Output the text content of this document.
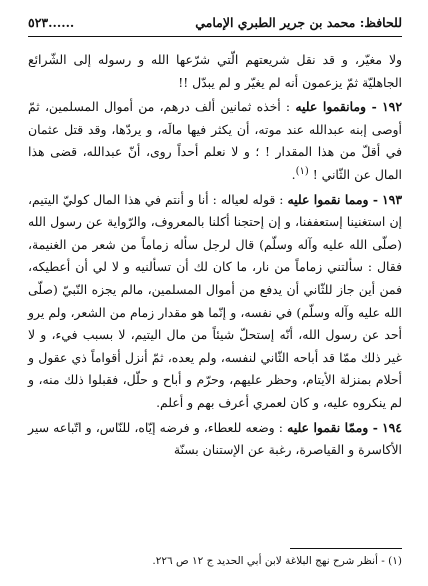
للحافظ: محمد بن جرير الطبري الإمامي
٥٢٣......

ولا مغيّر، و قد نقل شريعتهم الّتي شرّعها الله و رسوله إلى الشّرائع الجاهليّة ثمّ يزعمون أنه لم يغيّر و لم يبدّل !!

١٩٢ - ومانقموا عليه : أخذه ثمانين ألف درهم، من أموال المسلمين، ثمّ أوصى إبنه عبدالله عند موته، أن يكثر فيها مالَه، و يردّها، وقد قتل عثمان في أقلّ من هذا المقدار ! ؛ و لا نعلم أحداً روى، أنّ عبدالله، قضى هذا المال عن الثّاني ! $^{(١)}$.

١٩٣ - ومما نقموا عليه : قوله لعياله : أنا و أنتم في هذا المال كوليّ اليتيم، إن استغنينا إستعففنا، و إن إحتجنا أكلنا بالمعروف، والرّواية عن رسول الله (صلّى الله عليه وآله وسلّم) قال لرجل سأله زماماً من شعر من الغنيمة، فقال : سألتني زماماً من نار، ما كان لك أن تسألنيه و لا لي أن أعطيكه، فمن أين جاز للثّاني أن يدفع من أموال المسلمين، مالم يجزه النّبيّ (صلّى الله عليه وآله وسلّم) في نفسه، و إنّما هو مقدار زمام من الشعر، ولم يرو أحد عن رسول الله، أنّه إستحلّ شيئاً من مال اليتيم، لا بسبب فيء، و لا غير ذلك ممّا قد أباحه الثّاني لنفسه، ولم يعده، ثمّ أنزل أقواماً ذي عقول و أحلام بمنزلة الأيتام، وحظر عليهم، وحرّم و أباح و حلّل، فقبلوا ذلك منه، و لم ينكروه عليه، و كان لعمري أعرف بهم و أعلم.

١٩٤ - وممّا نقموا عليه : وضعه للعطاء، و فرضه إيّاه، للنّاس، و اتّباعه سير الأكاسرة و القياصرة، رغبة عن الإستنان بسنّة

(١) - أنظر شرح نهج البلاغة لابن أبي الحديد ج ١٢ ص ٢٢٦.
